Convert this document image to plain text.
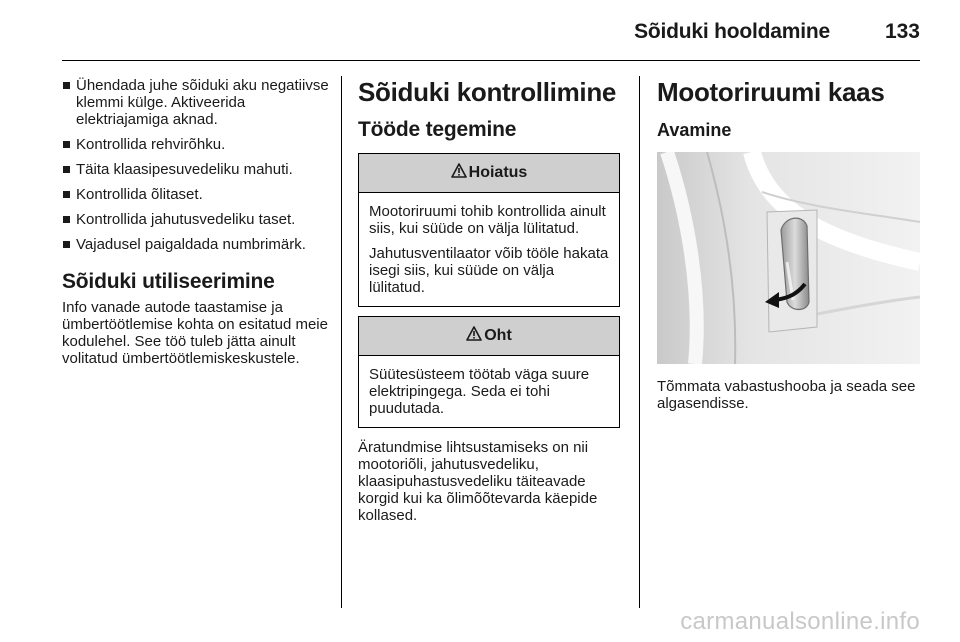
Sõiduki hooldamine	133
Ühendada juhe sõiduki aku negatiivse klemmi külge. Aktiveerida elektriajamiga aknad.
Kontrollida rehvirõhku.
Täita klaasipesuvedeliku mahuti.
Kontrollida õlitaset.
Kontrollida jahutusvedeliku taset.
Vajadusel paigaldada numbrimärk.
Sõiduki utiliseerimine

Info vanade autode taastamise ja ümbertöötlemise kohta on esitatud meie kodulehel. See töö tuleb jätta ainult volitatud ümbertöötlemiskeskustele.

Sõiduki kontrollimine
Tööde tegemine
Hoiatus

Mootoriruumi tohib kontrollida ainult siis, kui süüde on välja lülitatud.

Jahutusventilaator võib tööle hakata isegi siis, kui süüde on välja lülitatud.

Oht

Süütesüsteem töötab väga suure elektripingega. Seda ei tohi puudutada.

Äratundmise lihtsustamiseks on nii mootoriõli, jahutusvedeliku, klaasipuhastusvedeliku täiteavade korgid kui ka õlimõõtevarda käepide kollased.

Mootoriruumi kaas
Avamine

Tõmmata vabastushooba ja seada see algasendisse.

carmanualsonline.info
